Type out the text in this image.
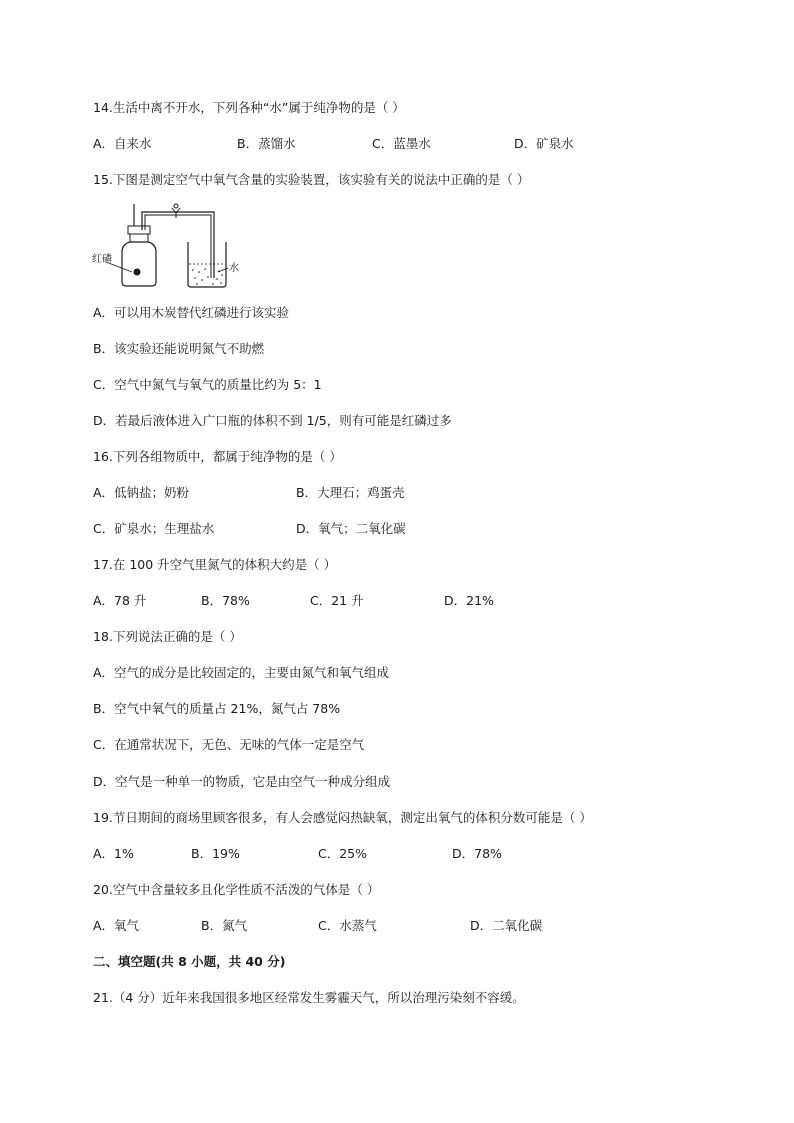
14.生活中离不开水，下列各种“水”属于纯净物的是（ ）
A．自来水	B．蒸馏水	C．蓝墨水	D．矿泉水
15.下图是测定空气中氧气含量的实验装置，该实验有关的说法中正确的是（ ）
红磷
水
A．可以用木炭替代红磷进行该实验
B．该实验还能说明氮气不助燃
C．空气中氮气与氧气的质量比约为 5：1
D．若最后液体进入广口瓶的体积不到 1/5，则有可能是红磷过多
16.下列各组物质中，都属于纯净物的是（ ）
A．低钠盐；奶粉	B．大理石；鸡蛋壳
C．矿泉水；生理盐水	D．氧气；二氧化碳
17.在 100 升空气里氮气的体积大约是（ ）
A．78 升	B．78%	C．21 升	D．21%
18.下列说法正确的是（ ）
A．空气的成分是比较固定的，主要由氮气和氧气组成
B．空气中氧气的质量占 21%，氮气占 78%
C．在通常状况下，无色、无味的气体一定是空气
D．空气是一种单一的物质，它是由空气一种成分组成
19.节日期间的商场里顾客很多，有人会感觉闷热缺氧，测定出氧气的体积分数可能是（ ）
A．1%	B．19%	C．25%	D．78%
20.空气中含量较多且化学性质不活泼的气体是（ ）
A．氧气	B．氮气	C．水蒸气	D．二氧化碳
二、填空题(共 8 小题，共 40 分)
21.（4 分）近年来我国很多地区经常发生雾霾天气，所以治理污染刻不容缓。
